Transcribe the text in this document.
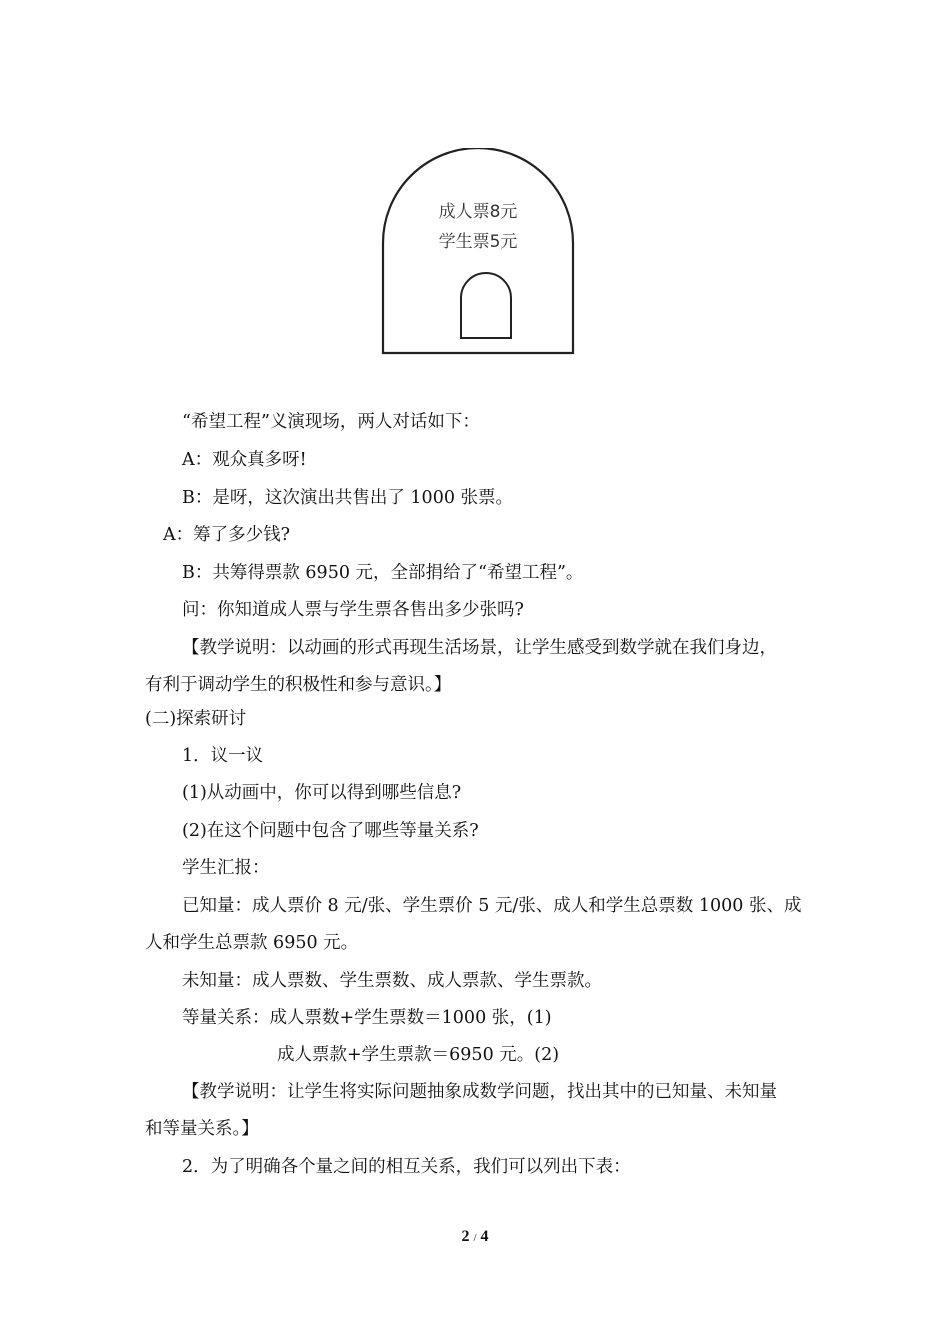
成人票8元
学生票5元
“希望工程”义演现场，两人对话如下：
A：观众真多呀!
B：是呀，这次演出共售出了 1000 张票。
A：筹了多少钱?
B：共筹得票款 6950 元，全部捐给了“希望工程”。
问：你知道成人票与学生票各售出多少张吗?
【教学说明：以动画的形式再现生活场景，让学生感受到数学就在我们身边，
有利于调动学生的积极性和参与意识。】
(二)探索研讨
1．议一议
(1)从动画中，你可以得到哪些信息?
(2)在这个问题中包含了哪些等量关系?
学生汇报：
已知量：成人票价 8 元/张、学生票价 5 元/张、成人和学生总票数 1000 张、成
人和学生总票款 6950 元。
未知量：成人票数、学生票数、成人票款、学生票款。
等量关系：成人票数+学生票数＝1000 张，(1)
成人票款+学生票款＝6950 元。(2)
【教学说明：让学生将实际问题抽象成数学问题，找出其中的已知量、未知量
和等量关系。】
2．为了明确各个量之间的相互关系，我们可以列出下表：
2 / 4
